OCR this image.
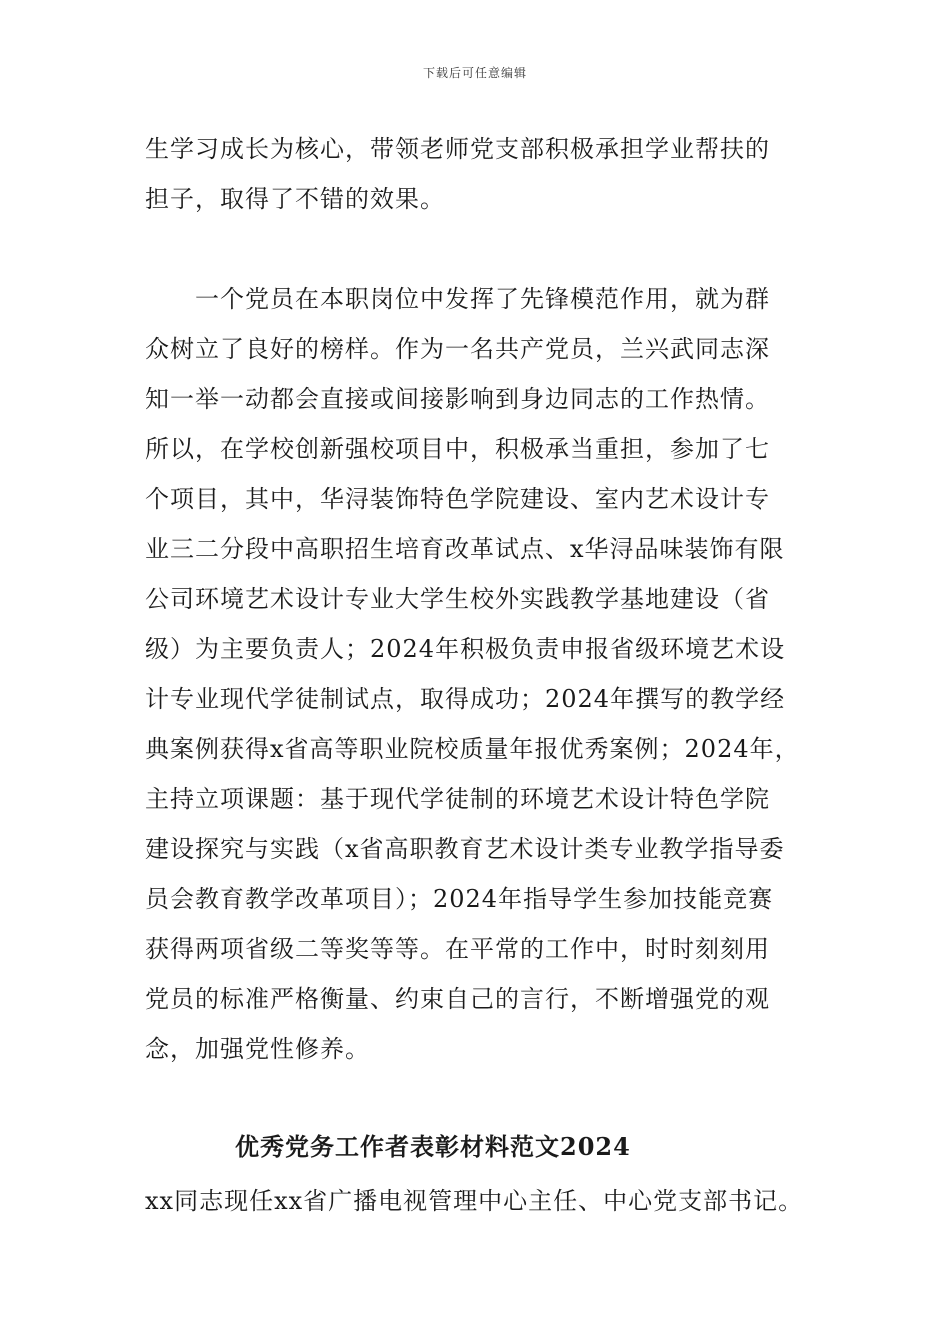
下载后可任意编辑

生学习成长为核心，带领老师党支部积极承担学业帮扶的
担子，取得了不错的效果。

　　一个党员在本职岗位中发挥了先锋模范作用，就为群
众树立了良好的榜样。作为一名共产党员，兰兴武同志深
知一举一动都会直接或间接影响到身边同志的工作热情。
所以，在学校创新强校项目中，积极承当重担，参加了七
个项目，其中，华浔装饰特色学院建设、室内艺术设计专
业三二分段中高职招生培育改革试点、x华浔品味装饰有限
公司环境艺术设计专业大学生校外实践教学基地建设（省
级）为主要负责人；2024年积极负责申报省级环境艺术设
计专业现代学徒制试点，取得成功；2024年撰写的教学经
典案例获得x省高等职业院校质量年报优秀案例；2024年，
主持立项课题：基于现代学徒制的环境艺术设计特色学院
建设探究与实践（x省高职教育艺术设计类专业教学指导委
员会教育教学改革项目）；2024年指导学生参加技能竞赛
获得两项省级二等奖等等。在平常的工作中，时时刻刻用
党员的标准严格衡量、约束自己的言行，不断增强党的观
念，加强党性修养。

优秀党务工作者表彰材料范文2024

xx同志现任xx省广播电视管理中心主任、中心党支部书记。
